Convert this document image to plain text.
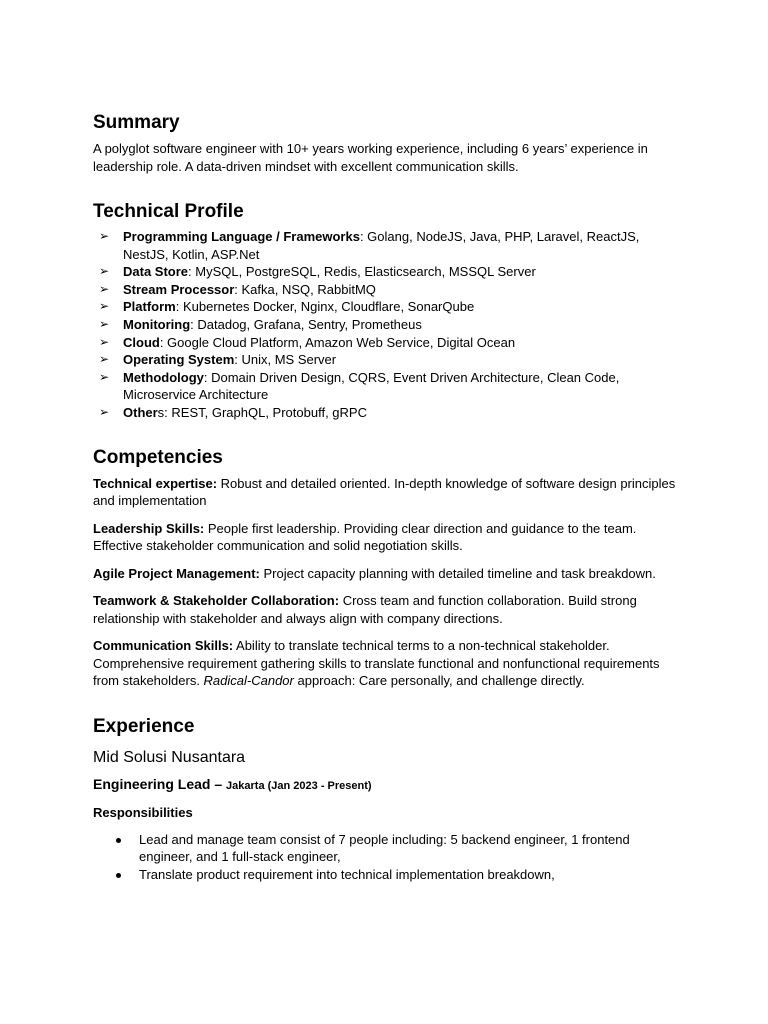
Summary

A polyglot software engineer with 10+ years working experience, including 6 years’ experience in leadership role. A data-driven mindset with excellent communication skills.

Technical Profile
➢ Programming Language / Frameworks: Golang, NodeJS, Java, PHP, Laravel, ReactJS, NestJS, Kotlin, ASP.Net
➢ Data Store: MySQL, PostgreSQL, Redis, Elasticsearch, MSSQL Server
➢ Stream Processor: Kafka, NSQ, RabbitMQ
➢ Platform: Kubernetes Docker, Nginx, Cloudflare, SonarQube
➢ Monitoring: Datadog, Grafana, Sentry, Prometheus
➢ Cloud: Google Cloud Platform, Amazon Web Service, Digital Ocean
➢ Operating System: Unix, MS Server
➢ Methodology: Domain Driven Design, CQRS, Event Driven Architecture, Clean Code, Microservice Architecture
➢ Others: REST, GraphQL, Protobuff, gRPC
Competencies

Technical expertise: Robust and detailed oriented. In-depth knowledge of software design principles and implementation

Leadership Skills: People first leadership. Providing clear direction and guidance to the team. Effective stakeholder communication and solid negotiation skills.

Agile Project Management: Project capacity planning with detailed timeline and task breakdown.

Teamwork & Stakeholder Collaboration: Cross team and function collaboration. Build strong relationship with stakeholder and always align with company directions.

Communication Skills: Ability to translate technical terms to a non-technical stakeholder. Comprehensive requirement gathering skills to translate functional and nonfunctional requirements from stakeholders. Radical-Candor approach: Care personally, and challenge directly.

Experience
Mid Solusi Nusantara
Engineering Lead – Jakarta (Jan 2023 - Present)
Responsibilities
Lead and manage team consist of 7 people including: 5 backend engineer, 1 frontend engineer, and 1 full-stack engineer,
Translate product requirement into technical implementation breakdown,
